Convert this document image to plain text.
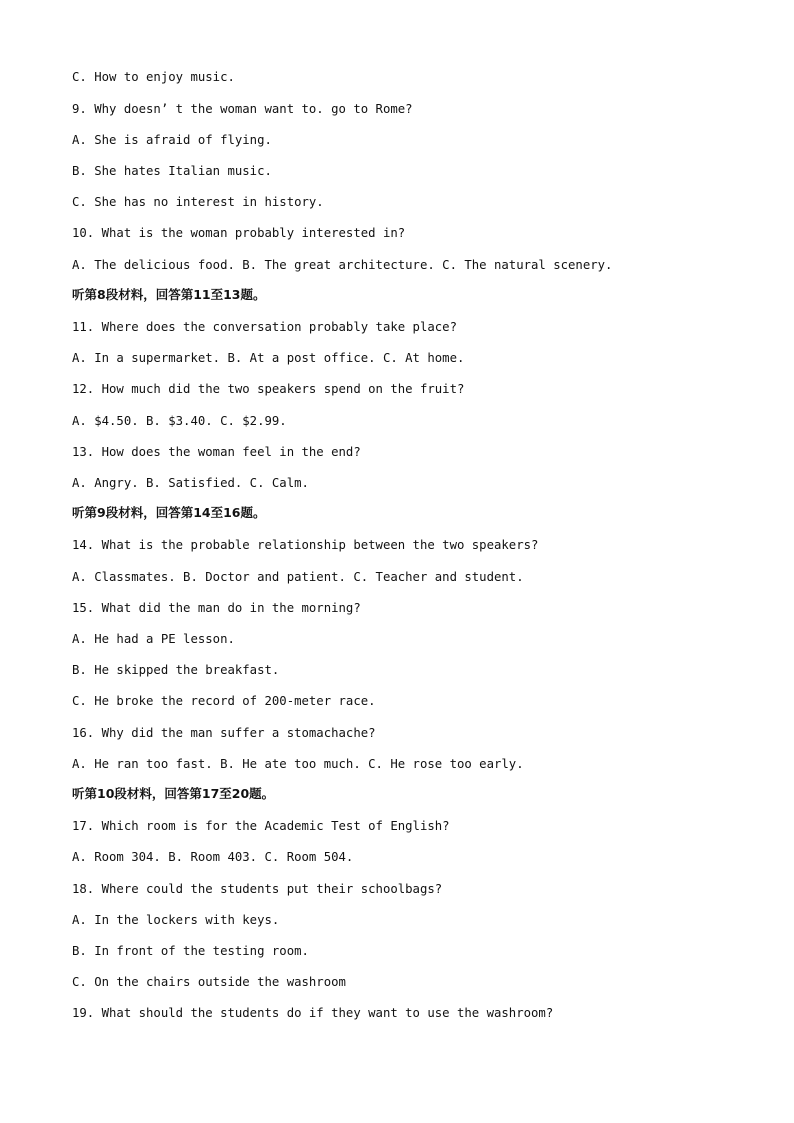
C. How to enjoy music.
9. Why doesn’ t the woman want to. go to Rome?
A. She is afraid of flying.
B. She hates Italian music.
C. She has no interest in history.
10. What is the woman probably interested in?
A. The delicious food. B. The great architecture. C. The natural scenery.
听第8段材料，回答第11至13题。
11. Where does the conversation probably take place?
A. In a supermarket. B. At a post office. C. At home.
12. How much did the two speakers spend on the fruit?
A. $4.50. B. $3.40. C. $2.99.
13. How does the woman feel in the end?
A. Angry. B. Satisfied. C. Calm.
听第9段材料，回答第14至16题。
14. What is the probable relationship between the two speakers?
A. Classmates. B. Doctor and patient. C. Teacher and student.
15. What did the man do in the morning?
A. He had a PE lesson.
B. He skipped the breakfast.
C. He broke the record of 200-meter race.
16. Why did the man suffer a stomachache?
A. He ran too fast. B. He ate too much. C. He rose too early.
听第10段材料，回答第17至20题。
17. Which room is for the Academic Test of English?
A. Room 304. B. Room 403. C. Room 504.
18. Where could the students put their schoolbags?
A. In the lockers with keys.
B. In front of the testing room.
C. On the chairs outside the washroom
19. What should the students do if they want to use the washroom?
